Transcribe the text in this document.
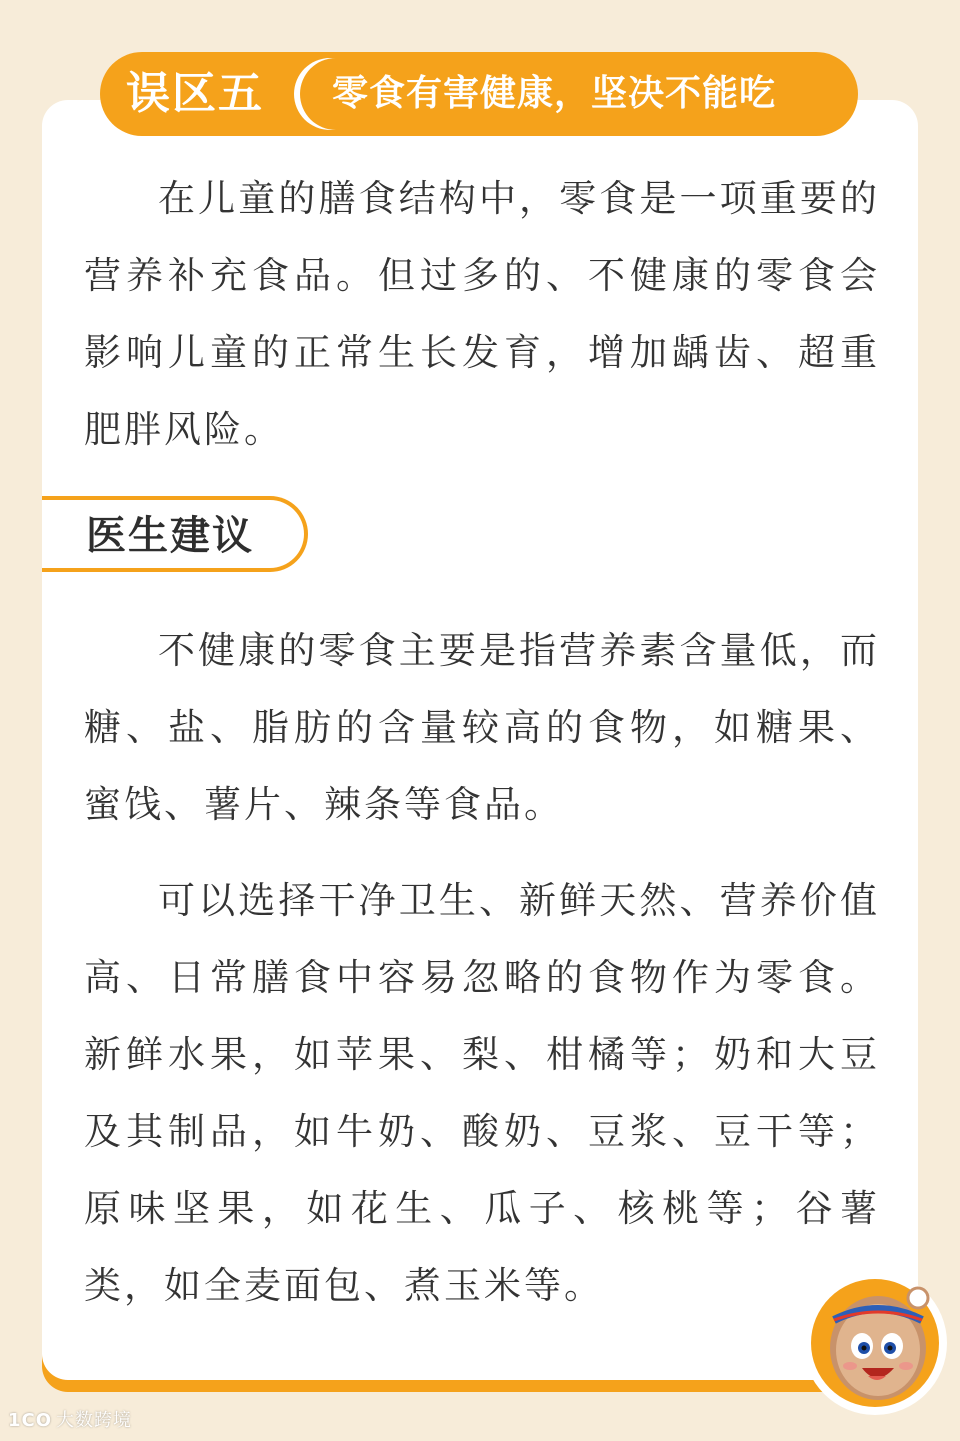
误区五 零食有害健康，坚决不能吃

在儿童的膳食结构中，零食是一项重要的营养补充食品。但过多的、不健康的零食会影响儿童的正常生长发育，增加龋齿、超重肥胖风险。

医生建议

不健康的零食主要是指营养素含量低，而糖、盐、脂肪的含量较高的食物，如糖果、蜜饯、薯片、辣条等食品。

可以选择干净卫生、新鲜天然、营养价值高、日常膳食中容易忽略的食物作为零食。新鲜水果，如苹果、梨、柑橘等；奶和大豆及其制品，如牛奶、酸奶、豆浆、豆干等；原味坚果，如花生、瓜子、核桃等；谷薯类，如全麦面包、煮玉米等。

1CO 大数跨境
